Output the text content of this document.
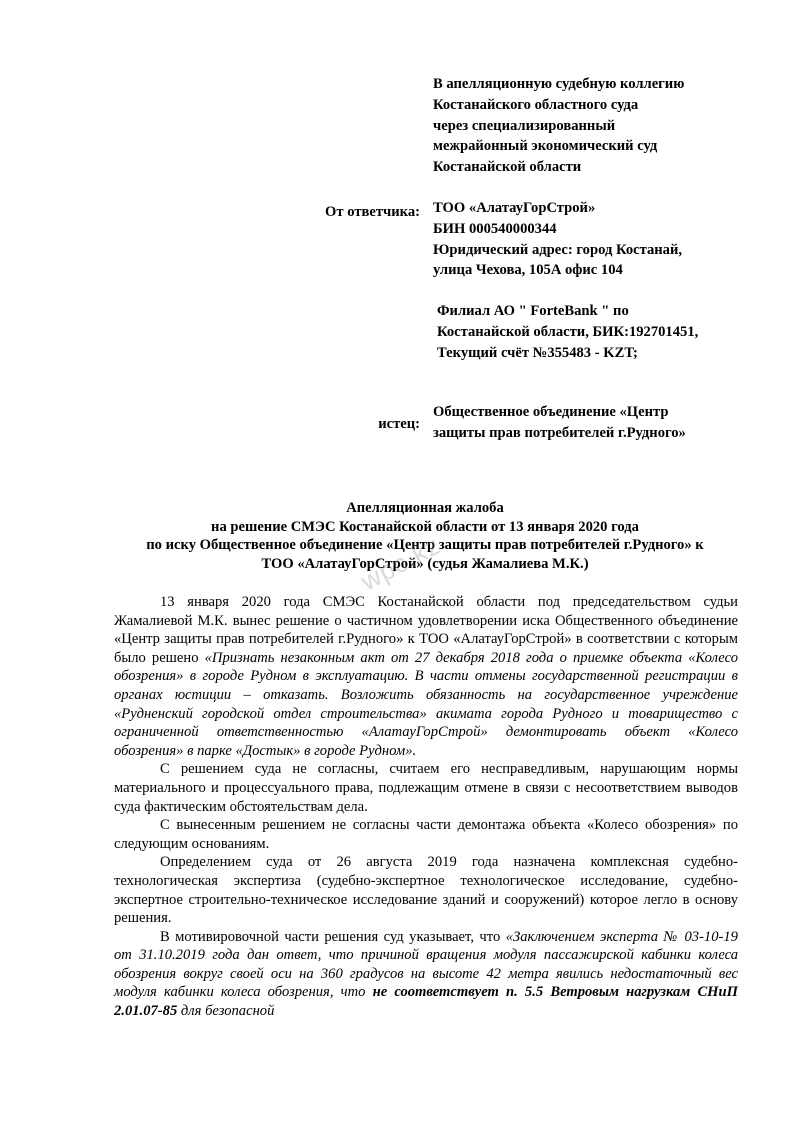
В апелляционную судебную коллегию
Костанайского областного суда
через специализированный
межрайонный экономический суд
Костанайской области
От ответчика: ТОО «АлатауГорСтрой»
БИН 000540000344
Юридический адрес: город Костанай,
улица Чехова, 105А офис 104
Филиал АО " ForteBank " по
Костанайской области, БИК:192701451,
Текущий счёт №355483 - KZT;
истец:
Общественное объединение «Центр
защиты прав потребителей г.Рудного»
Апелляционная жалоба
на решение СМЭС Костанайской области от 13 января 2020 года
по иску Общественное объединение «Центр защиты прав потребителей г.Рудного» к
ТОО «АлатауГорСтрой» (судья Жамалиева М.К.)
wpc.kz

13 января 2020 года СМЭС Костанайской области под председательством судьи Жамалиевой М.К. вынес решение о частичном удовлетворении иска Общественного объединение «Центр защиты прав потребителей г.Рудного» к ТОО «АлатауГорСтрой» в соответствии с которым было решено «Признать незаконным акт от 27 декабря 2018 года о приемке объекта «Колесо обозрения» в городе Рудном в эксплуатацию. В части отмены государственной регистрации в органах юстиции – отказать. Возложить обязанность на государственное учреждение «Рудненский городской отдел строительства» акимата города Рудного и товарищество с ограниченной ответственностью «АлатауГорСтрой» демонтировать объект «Колесо обозрения» в парке «Достык» в городе Рудном».

С решением суда не согласны, считаем его несправедливым, нарушающим нормы материального и процессуального права, подлежащим отмене в связи с несоответствием выводов суда фактическим обстоятельствам дела.

С вынесенным решением не согласны части демонтажа объекта «Колесо обозрения» по следующим основаниям.

Определением суда от 26 августа 2019 года назначена комплексная судебно-технологическая экспертиза (судебно-экспертное технологическое исследование, судебно-экспертное строительно-техническое исследование зданий и сооружений) которое легло в основу решения.

В мотивировочной части решения суд указывает, что «Заключением эксперта № 03-10-19 от 31.10.2019 года дан ответ, что причиной вращения модуля пассажирской кабинки колеса обозрения вокруг своей оси на 360 градусов на высоте 42 метра явились недостаточный вес модуля кабинки колеса обозрения, что не соответствует п. 5.5 Ветровым нагрузкам СНиП 2.01.07-85 для безопасной
